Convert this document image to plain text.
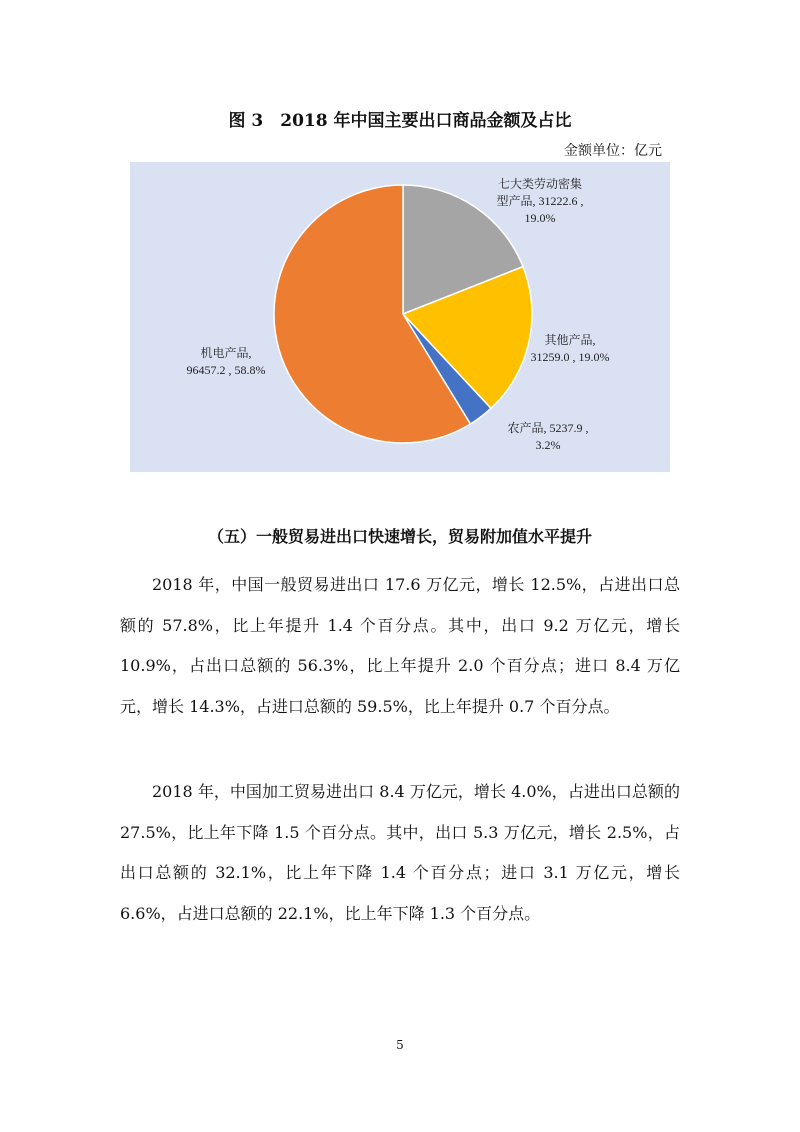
图 3　2018 年中国主要出口商品金额及占比
金额单位：亿元
七大类劳动密集型产品, 31222.6 , 19.0%
其他产品, 31259.0 , 19.0%
农产品, 5237.9 , 3.2%
机电产品, 96457.2 , 58.8%
（五）一般贸易进出口快速增长，贸易附加值水平提升

2018 年，中国一般贸易进出口 17.6 万亿元，增长 12.5%，占进出口总额的 57.8%，比上年提升 1.4 个百分点。其中，出口 9.2 万亿元，增长 10.9%，占出口总额的 56.3%，比上年提升 2.0 个百分点；进口 8.4 万亿元，增长 14.3%，占进口总额的 59.5%，比上年提升 0.7 个百分点。

2018 年，中国加工贸易进出口 8.4 万亿元，增长 4.0%，占进出口总额的 27.5%，比上年下降 1.5 个百分点。其中，出口 5.3 万亿元，增长 2.5%，占出口总额的 32.1%，比上年下降 1.4 个百分点；进口 3.1 万亿元，增长 6.6%，占进口总额的 22.1%，比上年下降 1.3 个百分点。

5
